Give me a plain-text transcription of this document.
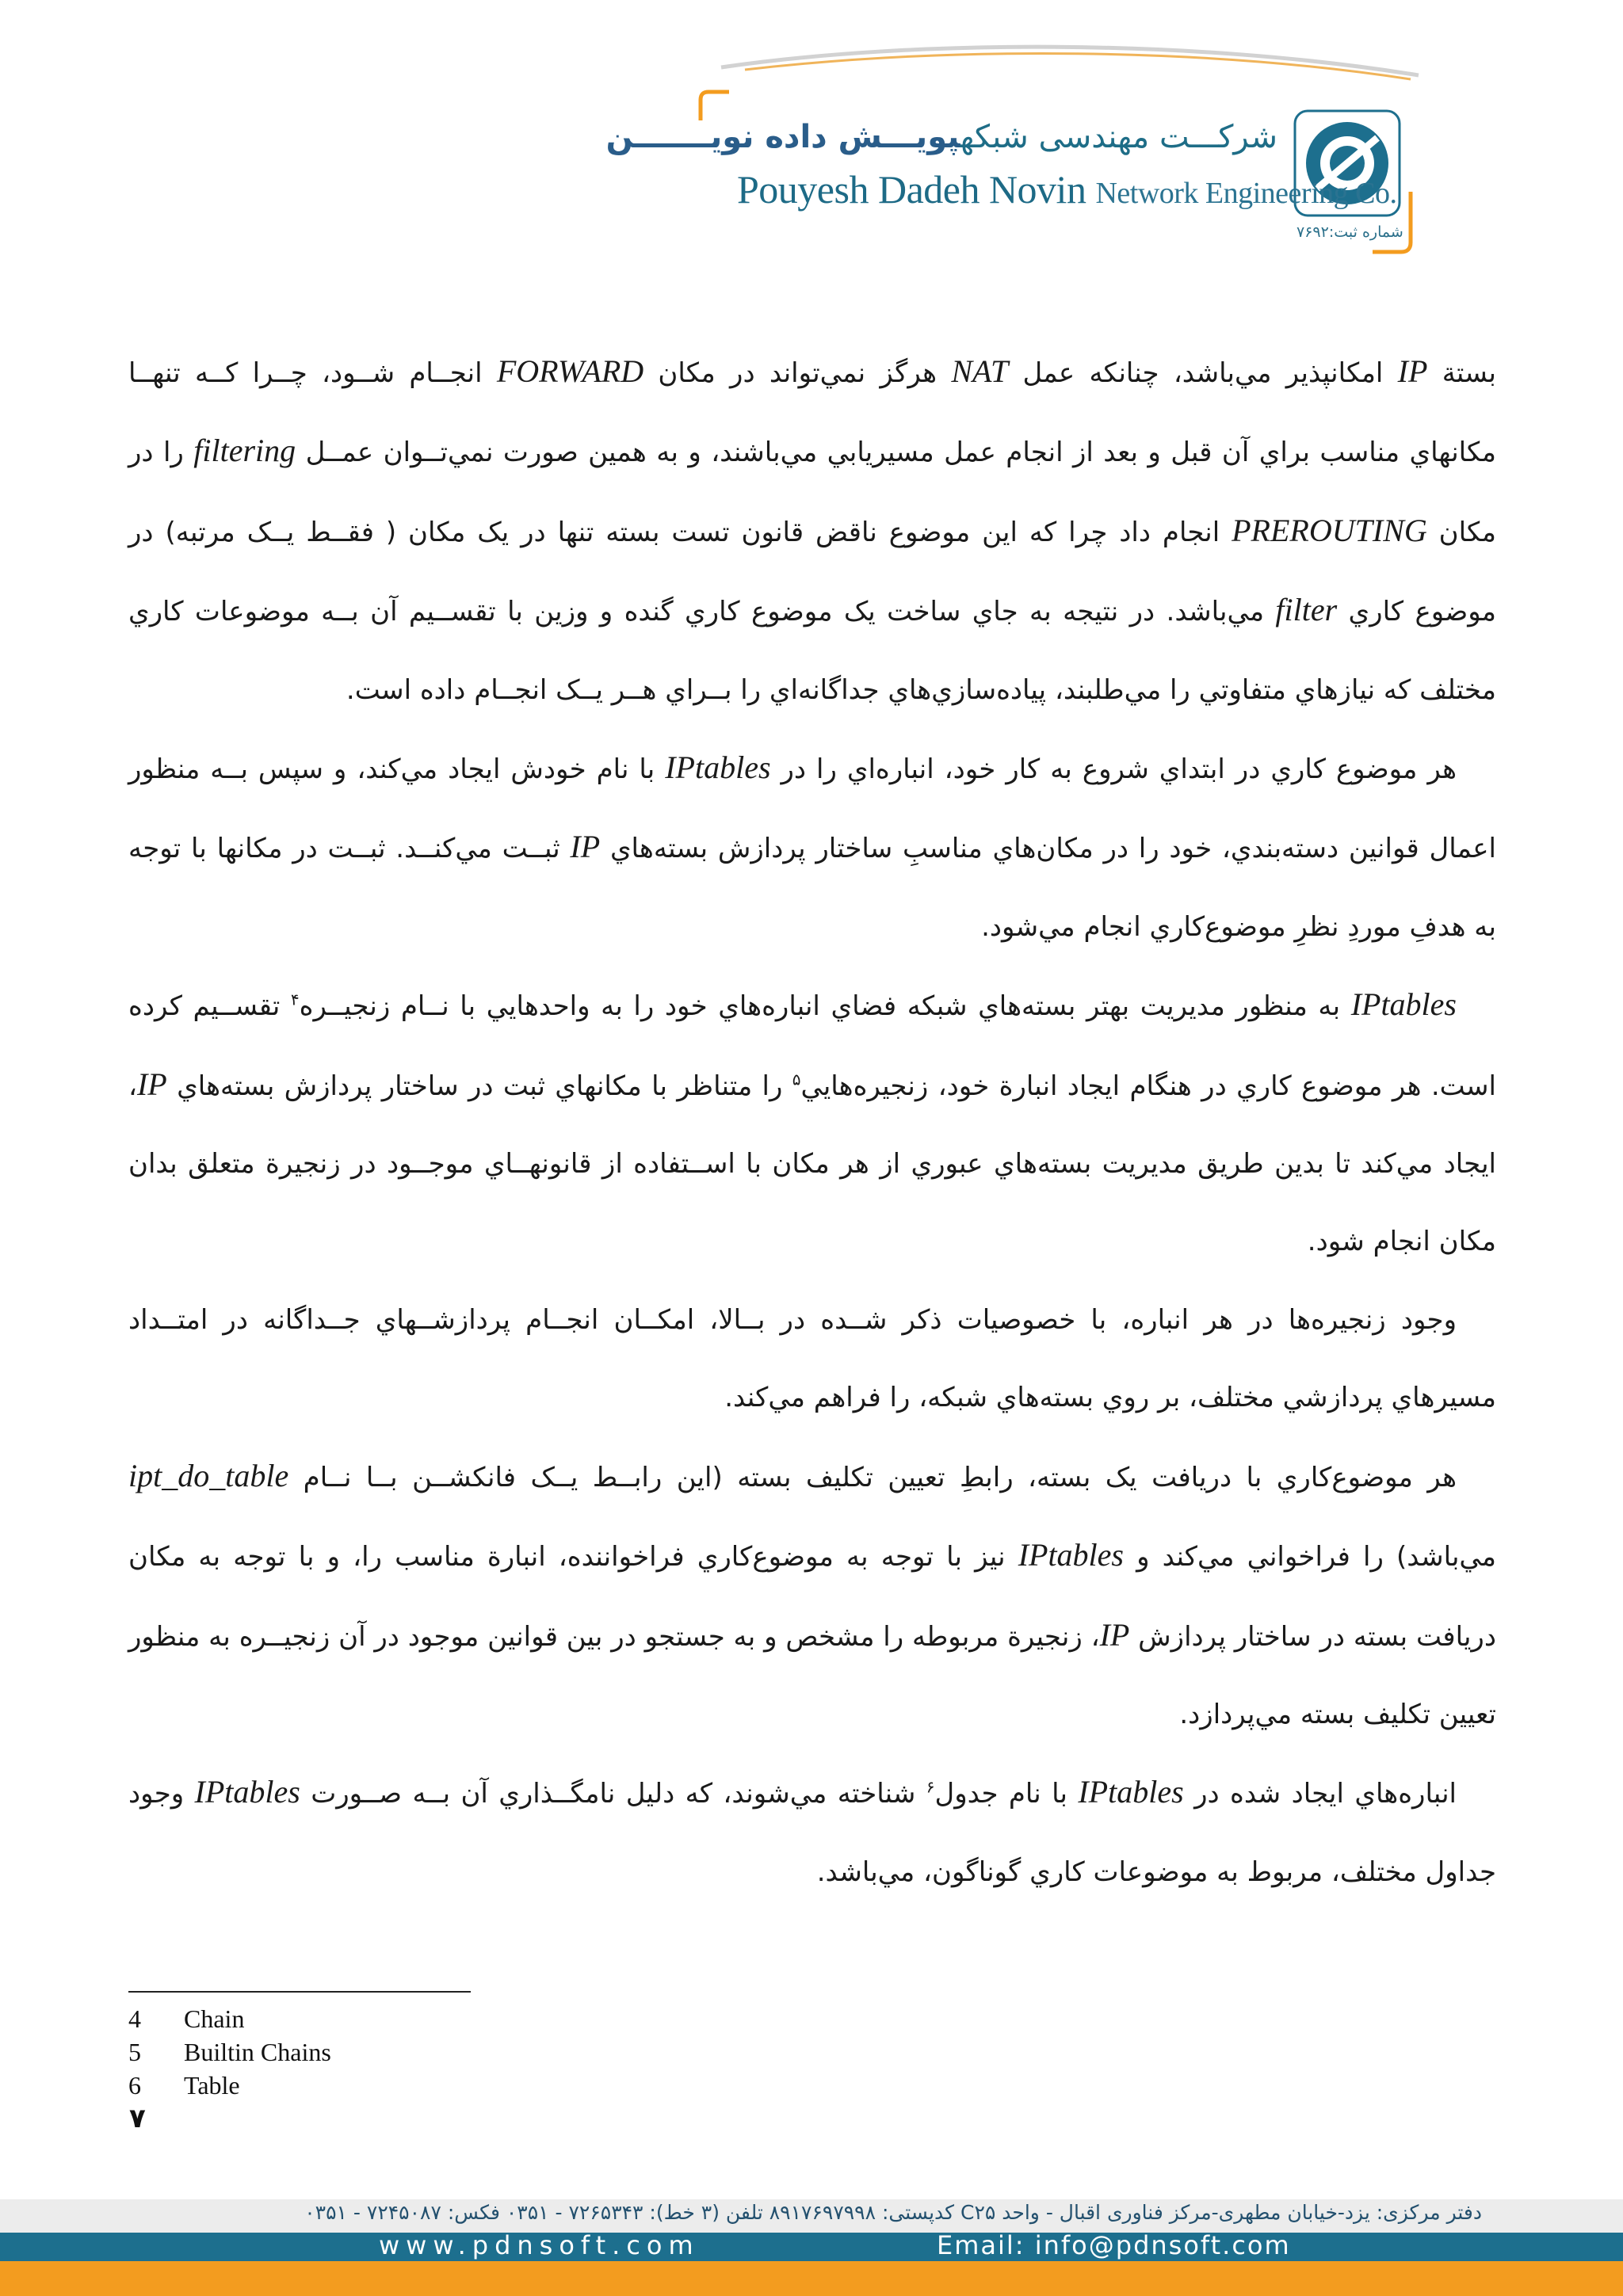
شرکـــت مهندسی شبکهپویـــش داده نویـــــــن
Pouyesh Dadeh Novin Network Engineering Co.
شماره ثبت:۷۶۹۲

بستة IP امکانپذير مي‌باشد، چنانکه عمل NAT هرگز نمي‌تواند در مکان FORWARD انجــام شــود، چــرا کــه تنهــا مکانهاي مناسب براي آن قبل و بعد از انجام عمل مسيريابي مي‌باشند، و به همين صورت نمي‌تــوان عمــل filtering را در مکان PREROUTING انجام داد چرا که اين موضوع ناقض قانون تست بسته تنها در يک مکان ( فقــط يــک مرتبه) در موضوع کاري filter مي‌باشد. در نتيجه به جاي ساخت يک موضوع کاري گنده و وزين با تقســيم آن بــه موضوعات کاري مختلف که نيازهاي متفاوتي را مي‌طلبند، پياده‌سازي‌هاي جداگانه‌اي را بــراي هــر يــک انجــام داده است.

هر موضوع کاري در ابتداي شروع به کار خود، انباره‌اي را در IPtables با نام خودش ايجاد مي‌کند، و سپس بــه منظور اعمال قوانين دسته‌بندي، خود را در مکان‌هاي مناسبِ ساختار پردازش بسته‌هاي IP ثبــت مي‌کنــد. ثبــت در مکانها با توجه به هدفِ موردِ نظرِ موضوع‌کاري انجام مي‌شود.

IPtables به منظور مديريت بهتر بسته‌هاي شبکه فضاي انباره‌هاي خود را به واحدهايي با نــام زنجيــره$^۴$ تقســيم کرده است. هر موضوع کاري در هنگام ايجاد انبارة خود، زنجيره‌هايي$^۵$ را متناظر با مکانهاي ثبت در ساختار پردازش بسته‌هاي IP، ايجاد مي‌کند تا بدين طريق مديريت بسته‌هاي عبوري از هر مکان با اســتفاده از قانونهــاي موجــود در زنجيرة متعلق بدان مکان انجام شود.

وجود زنجيره‌ها در هر انباره، با خصوصيات ذکر شــده در بــالا، امکــان انجــام پردازشــهاي جــداگانه در امتــداد مسيرهاي پردازشي مختلف، بر روي بسته‌هاي شبکه، را فراهم مي‌کند.

هر موضوع‌کاري با دريافت يک بسته، رابطِ تعيين تکليف بسته (اين رابــط يــک فانکشــن بــا نــام ipt_do_table مي‌باشد) را فراخواني مي‌کند و IPtables نيز با توجه به موضوع‌کاري فراخواننده، انبارة مناسب را، و با توجه به مکان دريافت بسته در ساختار پردازش IP، زنجيرة مربوطه را مشخص و به جستجو در بين قوانين موجود در آن زنجيــره به منظور تعيين تکليف بسته مي‌پردازد.

انباره‌هاي ايجاد شده در IPtables با نام جدول$^۶$ شناخته مي‌شوند، که دليل نامگــذاري آن بــه صــورت IPtables وجود جداول مختلف، مربوط به موضوعات کاري گوناگون، مي‌باشد.

4 Chain
5 Builtin Chains
6 Table
۷
دفتر مرکزی: یزد-خیابان مطهری-مرکز فناوری اقبال - واحد C۲۵ کدپستی: ۸۹۱۷۶۹۷۹۹۸ تلفن (۳ خط): ۷۲۶۵۳۴۳ - ۰۳۵۱ فکس: ۷۲۴۵۰۸۷ - ۰۳۵۱
www.pdnsoft.com	Email: info@pdnsoft.com
